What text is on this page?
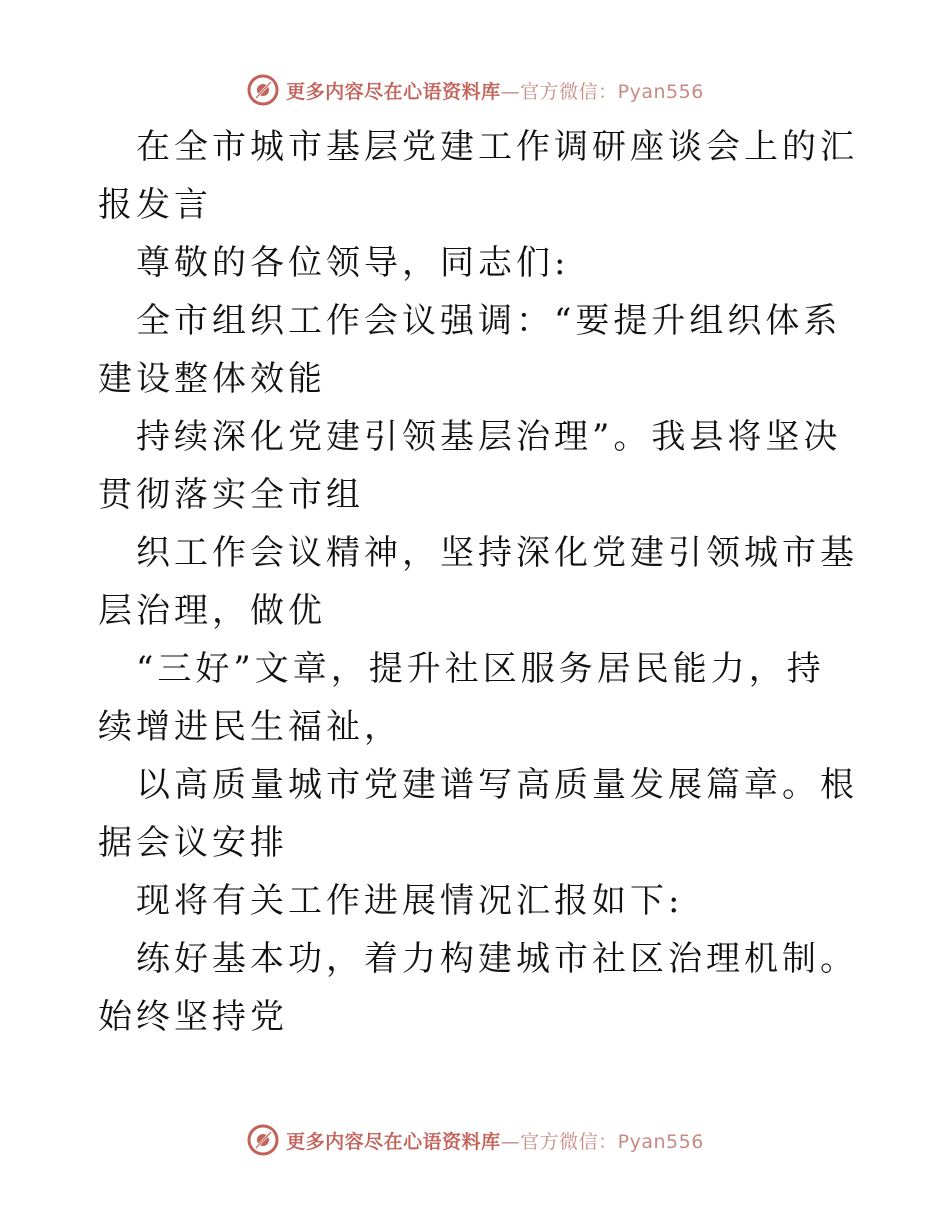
更多内容尽在心语资料库—官方微信：Pyan556

在全市城市基层党建工作调研座谈会上的汇报发言

尊敬的各位领导，同志们:

全市组织工作会议强调：“要提升组织体系建设整体效能

持续深化党建引领基层治理”。我县将坚决贯彻落实全市组

织工作会议精神，坚持深化党建引领城市基层治理，做优

“三好”文章，提升社区服务居民能力，持续增进民生福祉，

以高质量城市党建谱写高质量发展篇章。根据会议安排

现将有关工作进展情况汇报如下:

练好基本功，着力构建城市社区治理机制。始终坚持党

更多内容尽在心语资料库—官方微信：Pyan556
